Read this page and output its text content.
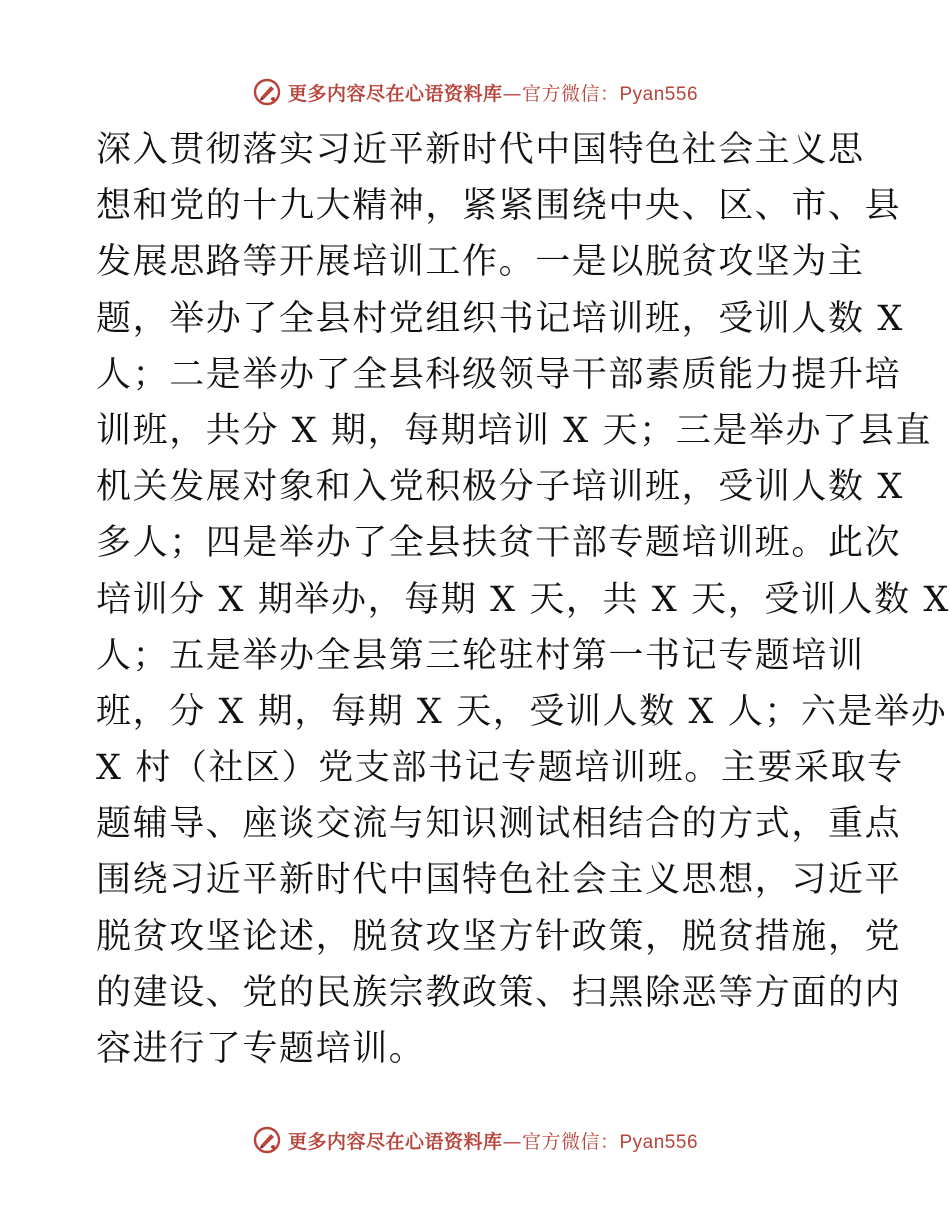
更多内容尽在心语资料库—官方微信：Pyan556
深入贯彻落实习近平新时代中国特色社会主义思
想和党的十九大精神，紧紧围绕中央、区、市、县
发展思路等开展培训工作。一是以脱贫攻坚为主
题，举办了全县村党组织书记培训班，受训人数 X
人；二是举办了全县科级领导干部素质能力提升培
训班，共分 X 期，每期培训 X 天；三是举办了县直
机关发展对象和入党积极分子培训班，受训人数 X
多人；四是举办了全县扶贫干部专题培训班。此次
培训分 X 期举办，每期 X 天，共 X 天，受训人数 X
人；五是举办全县第三轮驻村第一书记专题培训
班，分 X 期，每期 X 天，受训人数 X 人；六是举办
X 村（社区）党支部书记专题培训班。主要采取专
题辅导、座谈交流与知识测试相结合的方式，重点
围绕习近平新时代中国特色社会主义思想，习近平
脱贫攻坚论述，脱贫攻坚方针政策，脱贫措施，党
的建设、党的民族宗教政策、扫黑除恶等方面的内
容进行了专题培训。
更多内容尽在心语资料库—官方微信：Pyan556
